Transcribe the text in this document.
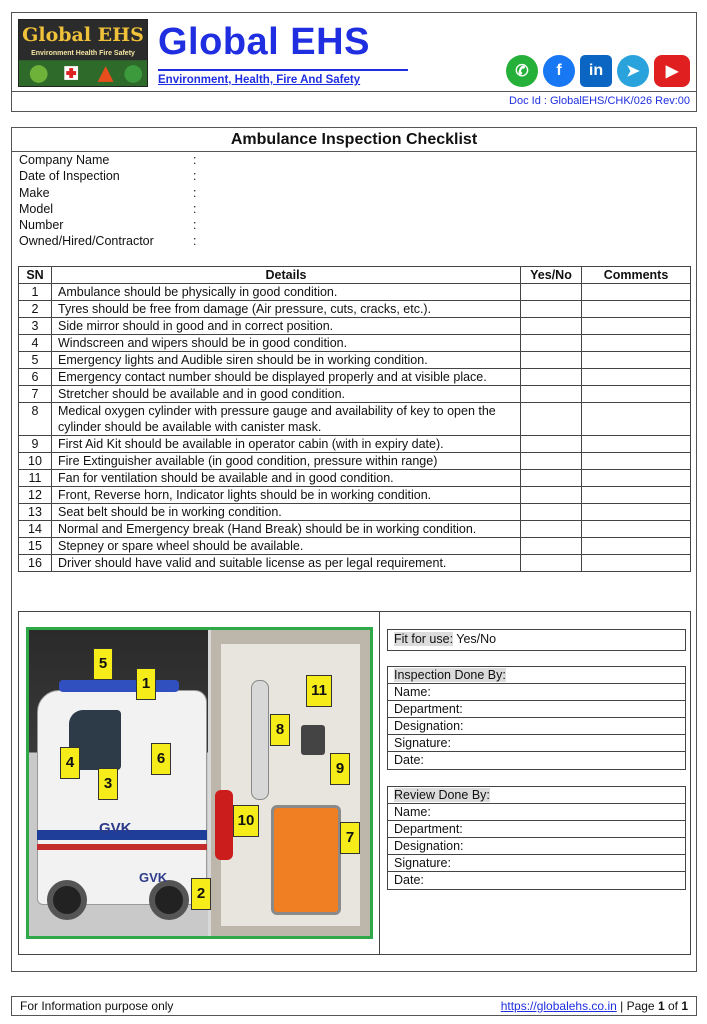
Global EHS
Environment Health Fire Safety Global EHS
Environment, Health, Fire And Safety	✆	f	in	➤	▶
Doc Id : GlobalEHS/CHK/026 Rev:00
Ambulance Inspection Checklist
Company Name	:
Date of Inspection	:
Make	:
Model	:
Number	:
Owned/Hired/Contractor	:
SN	Details	Yes/No	Comments
1	Ambulance should be physically in good condition.		
2	Tyres should be free from damage (Air pressure, cuts, cracks, etc.).		
3	Side mirror should in good and in correct position.		
4	Windscreen and wipers should be in good condition.		
5	Emergency lights and Audible siren should be in working condition.		
6	Emergency contact number should be displayed properly and at visible place.		
7	Stretcher should be available and in good condition.		
8	Medical oxygen cylinder with pressure gauge and availability of key to open the cylinder should be available with canister mask.		
9	First Aid Kit should be available in operator cabin (with in expiry date).		
10	Fire Extinguisher available (in good condition, pressure within range)		
11	Fan for ventilation should be available and in good condition.		
12	Front, Reverse horn, Indicator lights should be in working condition.		
13	Seat belt should be in working condition.		
14	Normal and Emergency break (Hand Break) should be in working condition.		
15	Stepney or spare wheel should be available.		
16	Driver should have valid and suitable license as per legal requirement.		
GVK
GVK
5
1
4
3
6
2
11
8
9
10
7
Fit for use: Yes/No
Inspection Done By:
Name:
Department:
Designation:
Signature:
Date:
Review Done By:
Name:
Department:
Designation:
Signature:
Date:
For Information purpose only	https://globalehs.co.in | Page 1 of 1
